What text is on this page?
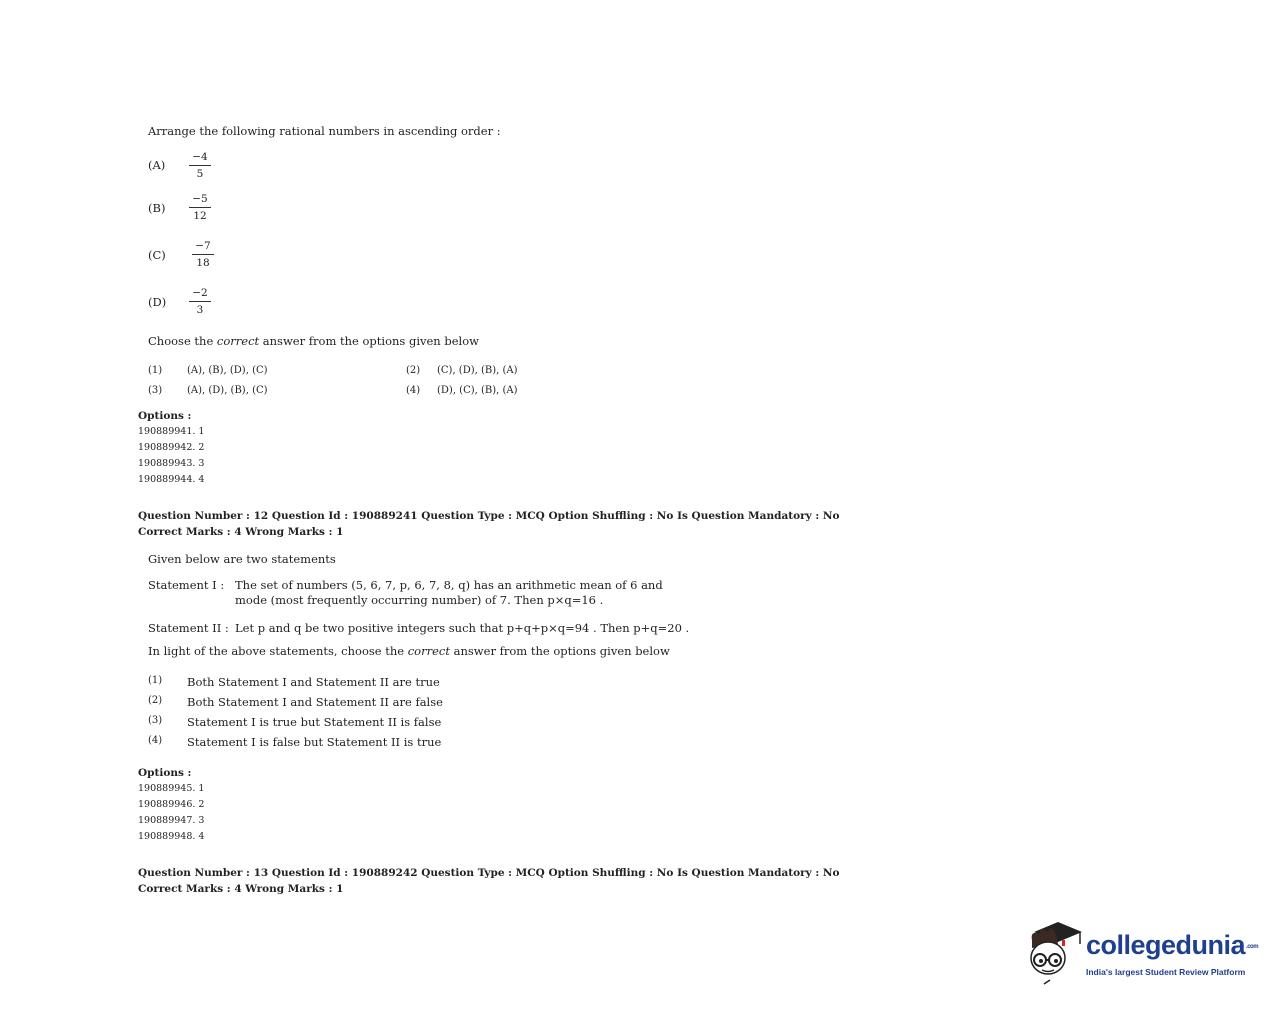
Arrange the following rational numbers in ascending order :
$(A) \frac{-4}{5}$
$(B) \frac{-5}{12}$
$(C) \frac{-7}{18}$
$(D) \frac{-2}{3}$
Choose the correct answer from the options given below
(1) (A), (B), (D), (C)	(2) (C), (D), (B), (A)
(3) (A), (D), (B), (C)	(4) (D), (C), (B), (A)
Options :
190889941. 1
190889942. 2
190889943. 3
190889944. 4
Question Number : 12 Question Id : 190889241 Question Type : MCQ Option Shuffling : No Is Question Mandatory : No
Correct Marks : 4 Wrong Marks : 1
Given below are two statements
Statement I : The set of numbers (5, 6, 7, p, 6, 7, 8, q) has an arithmetic mean of 6 and
mode (most frequently occurring number) of 7. Then p×q=16 .
Statement II : Let p and q be two positive integers such that p+q+p×q=94 . Then p+q=20 .
In light of the above statements, choose the correct answer from the options given below
(1) Both Statement I and Statement II are true
(2) Both Statement I and Statement II are false
(3) Statement I is true but Statement II is false
(4) Statement I is false but Statement II is true
Options :
190889945. 1
190889946. 2
190889947. 3
190889948. 4
Question Number : 13 Question Id : 190889242 Question Type : MCQ Option Shuffling : No Is Question Mandatory : No
Correct Marks : 4 Wrong Marks : 1
collegedunia.com
India's largest Student Review Platform
